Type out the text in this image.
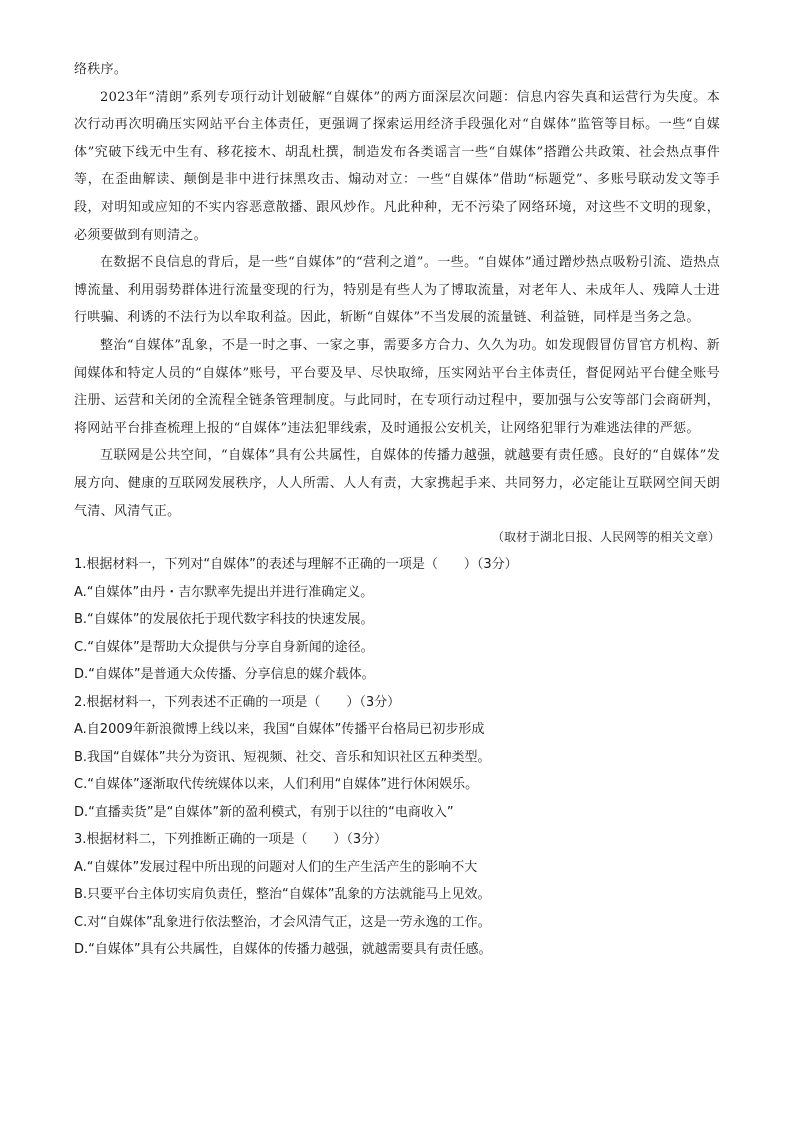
络秩序。

2023年“清朗”系列专项行动计划破解“自媒体”的两方面深层次问题：信息内容失真和运营行为失度。本次行动再次明确压实网站平台主体责任，更强调了探索运用经济手段强化对“自媒体”监管等目标。一些“自媒体”究破下线无中生有、移花接木、胡乱杜撰，制造发布各类谣言一些“自媒体”搭蹭公共政策、社会热点事件等，在歪曲解读、颠倒是非中进行抹黑攻击、煽动对立：一些“自媒体”借助“标题党”、多账号联动发文等手段，对明知或应知的不实内容恶意散播、跟风炒作。凡此种种，无不污染了网络环境，对这些不文明的现象，必须要做到有则清之。

在数据不良信息的背后，是一些“自媒体”的“营利之道”。一些。“自媒体”通过蹭炒热点吸粉引流、造热点博流量、利用弱势群体进行流量变现的行为，特别是有些人为了博取流量，对老年人、未成年人、残障人士进行哄骗、利诱的不法行为以牟取利益。因此，斩断“自媒体”不当发展的流量链、利益链，同样是当务之急。

整治“自媒体”乱象，不是一时之事、一家之事，需要多方合力、久久为功。如发现假冒仿冒官方机构、新闻媒体和特定人员的“自媒体”账号，平台要及早、尽快取缔，压实网站平台主体责任，督促网站平台健全账号注册、运营和关闭的全流程全链条管理制度。与此同时，在专项行动过程中，要加强与公安等部门会商研判，将网站平台排查梳理上报的“自媒体”违法犯罪线索，及时通报公安机关，让网络犯罪行为难逃法律的严惩。

互联网是公共空间，“自媒体”具有公共属性，自媒体的传播力越强，就越要有责任感。良好的“自媒体”发展方向、健康的互联网发展秩序，人人所需、人人有责，大家携起手来、共同努力，必定能让互联网空间天朗气清、风清气正。

（取材于湖北日报、人民网等的相关文章）
1.根据材料一，下列对“自媒体”的表述与理解不正确的一项是（　　）（3分）
A.“自媒体”由丹・吉尔默率先提出并进行准确定义。
B.“自媒体”的发展依托于现代数字科技的快速发展。
C.“自媒体”是帮助大众提供与分享自身新闻的途径。
D.“自媒体”是普通大众传播、分享信息的媒介载体。
2.根据材料一，下列表述不正确的一项是（　　）（3分）
A.自2009年新浪微博上线以来，我国“自媒体”传播平台格局已初步形成
B.我国“自媒体”共分为资讯、短视频、社交、音乐和知识社区五种类型。
C.“自媒体”逐渐取代传统媒体以来，人们利用“自媒体”进行休闲娱乐。
D.“直播卖货”是“自媒体”新的盈利模式，有别于以往的“电商收入”
3.根据材料二，下列推断正确的一项是（　　）（3分）
A.“自媒体”发展过程中所出现的问题对人们的生产生活产生的影响不大
B.只要平台主体切实肩负责任，整治“自媒体”乱象的方法就能马上见效。
C.对“自媒体”乱象进行依法整治，才会风清气正，这是一劳永逸的工作。
D.“自媒体”具有公共属性，自媒体的传播力越强，就越需要具有责任感。
